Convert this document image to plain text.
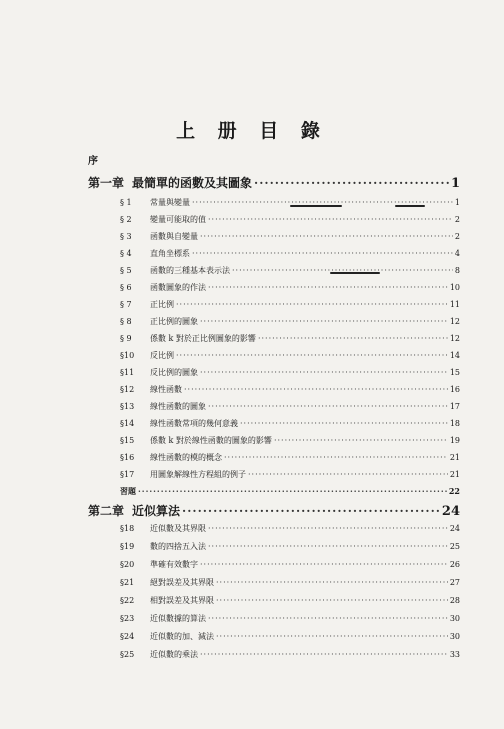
上 册 目 錄
序
第一章 最簡單的函數及其圖象 ·····	1
§ 1	常量與變量 ·····	1
§ 2	變量可能取的值 ·····	2
§ 3	函數與自變量 ·····	2
§ 4	直角坐標系 ·····	4
§ 5	函數的三種基本表示法 ·····	8
§ 6	函數圖象的作法 ·····	10
§ 7	正比例 ·····	11
§ 8	正比例的圖象 ·····	12
§ 9	係數 k 對於正比例圖象的影響 ·····	12
§10	反比例 ·····	14
§11	反比例的圖象 ·····	15
§12	線性函數 ·····	16
§13	線性函數的圖象 ·····	17
§14	線性函數常項的幾何意義 ·····	18
§15	係數 k 對於線性函數的圖象的影響 ·····	19
§16	線性函數的模的概念 ·····	21
§17	用圖象解線性方程組的例子 ·····	21
習題 ·····	22
第二章 近似算法 ·····	24
§18	近似數及其界限 ·····	24
§19	數的四捨五入法 ·····	25
§20	準確有效數字 ·····	26
§21	絕對誤差及其界限 ·····	27
§22	相對誤差及其界限 ·····	28
§23	近似數據的算法 ·····	30
§24	近似數的加、減法 ·····	30
§25	近似數的乘法 ·····	33
